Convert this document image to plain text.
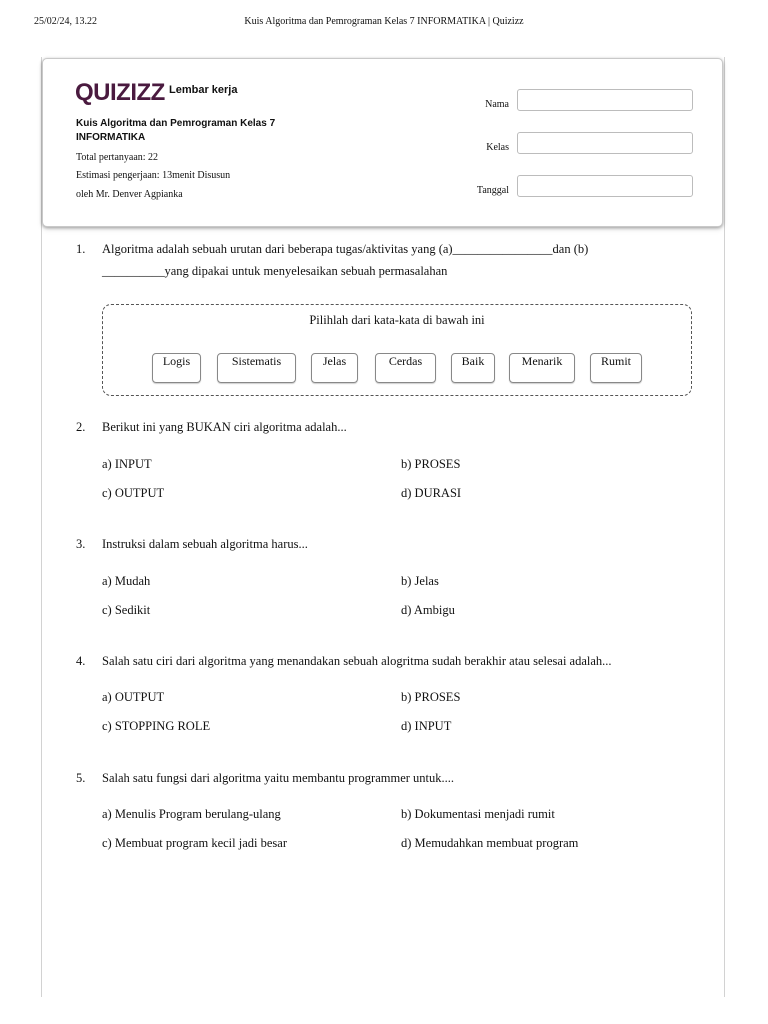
25/02/24, 13.22	Kuis Algoritma dan Pemrograman Kelas 7 INFORMATIKA | Quizizz
QUIZIZZ Lembar kerja
Kuis Algoritma dan Pemrograman Kelas 7 INFORMATIKA
Total pertanyaan: 22
Estimasi pengerjaan: 13menit Disusun
oleh Mr. Denver Agpianka
Nama
Kelas
Tanggal
1. Algoritma adalah sebuah urutan dari beberapa tugas/aktivitas yang (a)________________dan (b) __________yang dipakai untuk menyelesaikan sebuah permasalahan
Pilihlah dari kata-kata di bawah ini
Logis	Sistematis	Jelas	Cerdas	Baik	Menarik	Rumit
2. Berikut ini yang BUKAN ciri algoritma adalah...
a) INPUT	b) PROSES
c) OUTPUT	d) DURASI
3. Instruksi dalam sebuah algoritma harus...
a) Mudah	b) Jelas
c) Sedikit	d) Ambigu
4. Salah satu ciri dari algoritma yang menandakan sebuah alogritma sudah berakhir atau selesai adalah...
a) OUTPUT	b) PROSES
c) STOPPING ROLE	d) INPUT
5. Salah satu fungsi dari algoritma yaitu membantu programmer untuk....
a) Menulis Program berulang-ulang	b) Dokumentasi menjadi rumit
c) Membuat program kecil jadi besar	d) Memudahkan membuat program
